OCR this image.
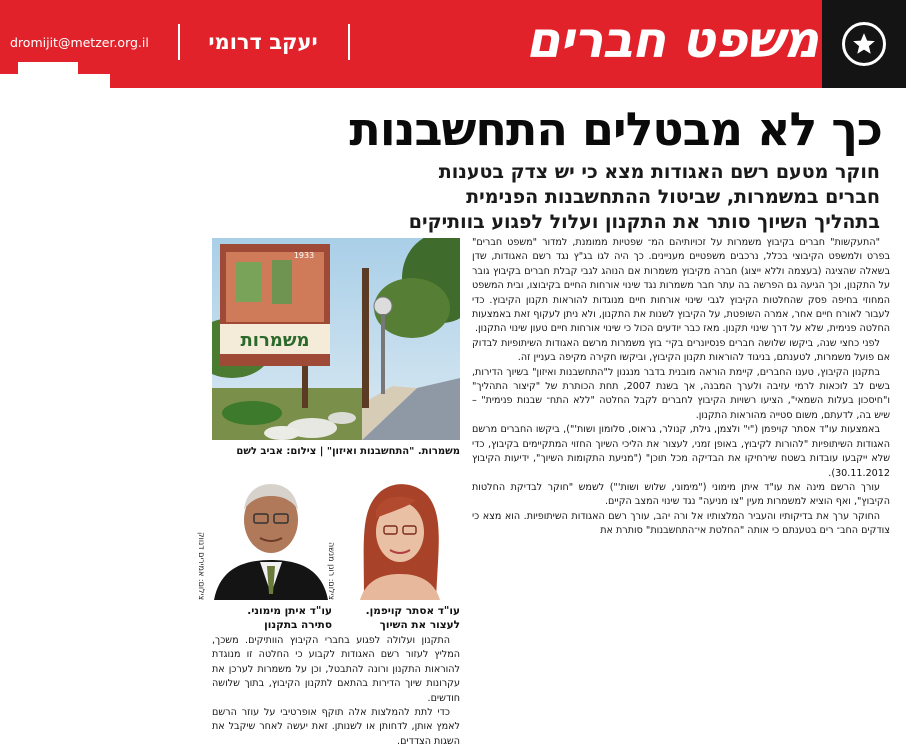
משפט חברים
יעקב דרומי
dromijit@metzer.org.il
כך לא מבטלים התחשבנות
חוקר מטעם רשם האגודות מצא כי יש צדק בטענות
חברים במשמרות, שביטול ההתחשבנות הפנימית
בתהליך השיוך סותר את התקנון ועלול לפגוע בוותיקים

"התעקשות" חברים בקיבוץ משמרות על זכויותיהם המ־ שפטיות ממומנת, למדור "משפט חברים" בפרט ולמשפט הקיבוצי בכלל, נרכבים משפטיים מעניינים. כך היה לגו בג"ץ נגד רשם האגודות, שדן בשאלה שהציגה (בעצמה וללא ייצוג) חברה מקיבוץ משמרות אם הנוהג לגבי קבלת חברים בקיבוץ גובר על התקנון, וכך הגיעה גם הפרשה בה עתר חבר משמרות נגד שינוי אורחות החיים בקיבוצו, ובית המשפט המחוזי בחיפה פסק שהחלטות הקיבוץ לגבי שינוי אורחות חיים מנוגדות להוראות תקנון הקיבוץ. כדי לעבור לאורח חיים אחר, אמרה השופטת, על הקיבוץ לשנות את התקנון, ולא ניתן לעקוף זאת באמצעות החלטה פנימית, שלא על דרך שינוי תקנון. מאז כבר יודעים הכול כי שינוי אורחות חיים טעון שינוי התקנון.

לפני כחצי שנה, ביקשו שלושה חברים פנסיונרים בקי־ בוץ משמרות מרשם האגודות השיתופיות לבדוק אם פועל משמרות, לטענתם, בניגוד להוראות תקנון הקיבוץ, וביקשו חקירה מקיפה בעניין זה.

בתקנון הקיבוץ, טענו החברים, קיימת הוראה מובנית בדבר מנגנון ל"התחשבנות ואיזון" בשיוך הדירות, בשים לב לוכאות לרמי עזיבה ולערך המבנה, אך בשנת 2007, תחת הכותרת של "קיצור התהליך" ו"חיסכון בעלות השמאי", הציעו רשויות הקיבוץ לחברים לקבל החלטה "ללא התח־ שבנות פנימית" – שיש בה, לדעתם, משום סטייה מהוראות התקנון.

באמצעות עו"ד אסתר קויפמן ("י" ולצמן, גילת, קנולר, גראוס, סלומון ושות'"), ביקשו החברים מרשם האגודות השיתופיות "להורות לקיבוץ, באופן זמני, לעצור את הליכי השיוך החזוי המתקיימים בקיבוץ, כדי שלא ייקבעו עובדות בשטח שירחיקו את הבדיקה מכל תוכן" ("מניעת התקומות השיוך", ידיעות הקיבוץ 30.11.2012).

עורך הרשם מינה את עו"ד איתן מימוני ("מימוני, שלוש ושות'") לשמש "חוקר לבדיקת החלטות הקיבוץ", ואף הוציא למשמרות מעין "צו מניעה" נגד שינוי המצב הקיים.

החוקר ערך את בדיקותיו והעביר המלצותיו אל ורה יהב, עורך רשם האגודות השיתופיות. הוא מצא כי צודקים החב־ רים בטענתם כי אותה "החלטת אי־התחשבנות" סותרת את

משמרות
1933
משמרות. "התחשבנות ואיזון" | צילום: אביב לשם
צילום: אמירים דנווק	צילום: רונן מנשה
עו"ד איתן מימוני.
סתירה בתקנון
עו"ד אסתר קויפמן.
לעצור את השיוך

התקנון ועלולה לפגוע בחברי הקיבוץ הוותיקים. משכך, המליץ לעזור רשם האגודות לקבוע כי החלטה זו מנוגדת להוראות התקנון ורונה להתבטל, וכן על משמרות לערכן את עקרונות שיוך הדירות בהתאם לתקנון הקיבוץ, בתוך שלושה חודשים.

כדי לתת להמלצות אלה תוקף אופרטיבי על עוזר הרשם לאמץ אותן, לדחותן או לשנותן. זאת יעשה לאחר שיקבל את השגות הצדדים.
